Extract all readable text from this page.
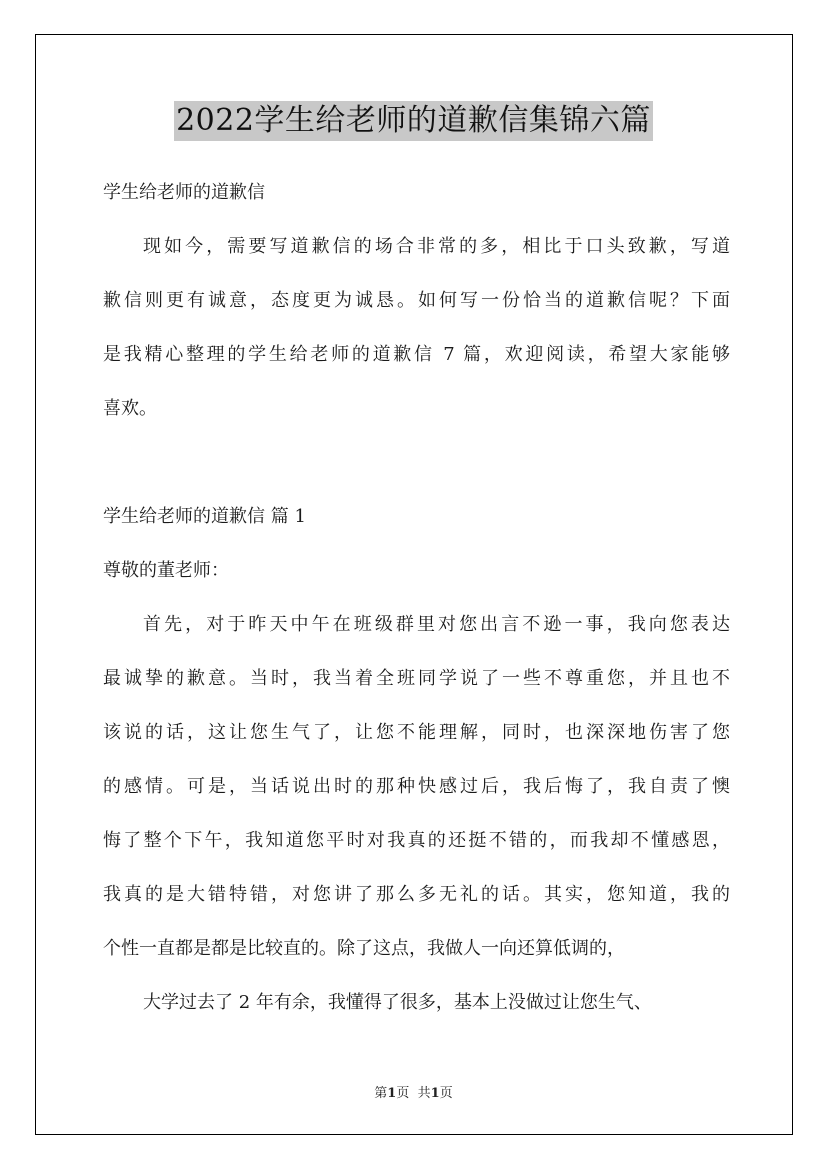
2022学生给老师的道歉信集锦六篇
学生给老师的道歉信
现如今，需要写道歉信的场合非常的多，相比于口头致歉，写道
歉信则更有诚意，态度更为诚恳。如何写一份恰当的道歉信呢？下面
是我精心整理的学生给老师的道歉信 7 篇，欢迎阅读，希望大家能够
喜欢。
学生给老师的道歉信 篇 1
尊敬的董老师：
首先，对于昨天中午在班级群里对您出言不逊一事，我向您表达
最诚挚的歉意。当时，我当着全班同学说了一些不尊重您，并且也不
该说的话，这让您生气了，让您不能理解，同时，也深深地伤害了您
的感情。可是，当话说出时的那种快感过后，我后悔了，我自责了懊
悔了整个下午，我知道您平时对我真的还挺不错的，而我却不懂感恩，
我真的是大错特错，对您讲了那么多无礼的话。其实，您知道，我的
个性一直都是都是比较直的。除了这点，我做人一向还算低调的，
大学过去了 2 年有余，我懂得了很多，基本上没做过让您生气、
第1页 共1页
